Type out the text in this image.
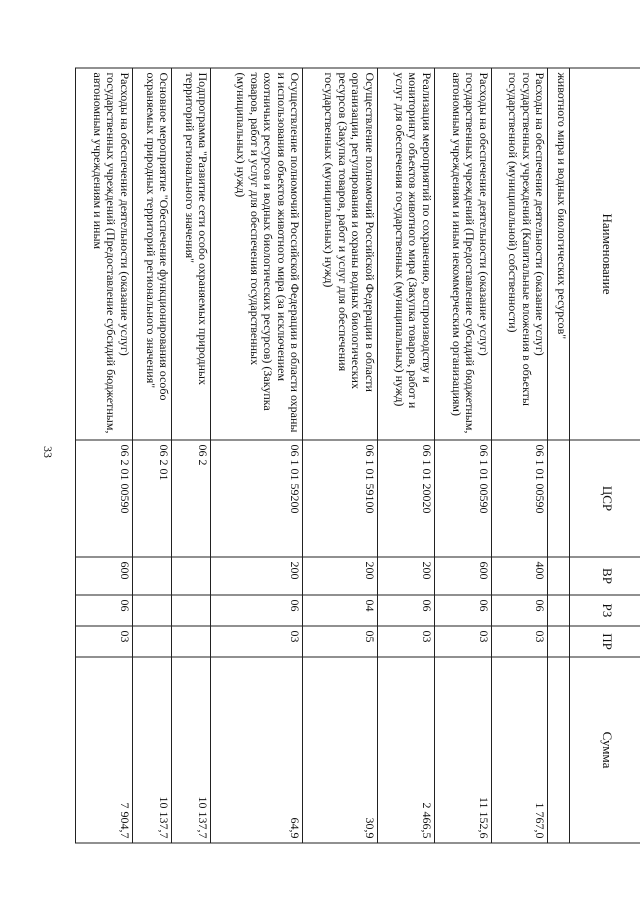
33
Наименование	ЦСР	ВР	РЗ	ПР	Сумма
животного мира и водных биологических ресурсов"					
Расходы на обеспечение деятельности (оказание услуг) государственных учреждений (Капитальные вложения в объекты государственной (муниципальной) собственности)	06 1 01 00590	400	06	03	1 767,0
Расходы на обеспечение деятельности (оказание услуг) государственных учреждений (Предоставление субсидий бюджетным, автономным учреждениям и иным некоммерческим организациям)	06 1 01 00590	600	06	03	11 152,6
Реализация мероприятий по сохранению, воспроизводству и мониторингу объектов животного мира (Закупка товаров, работ и услуг для обеспечения государственных (муниципальных) нужд)	06 1 01 20020	200	06	03	2 466,5
Осуществление полномочий Российской Федерации в области организации, регулирования и охраны водных биологических ресурсов (Закупка товаров, работ и услуг для обеспечения государственных (муниципальных) нужд)	06 1 01 59100	200	04	05	30,9
Осуществление полномочий Российской Федерации в области охраны и использования объектов животного мира (за исключением охотничьих ресурсов и водных биологических ресурсов) (Закупка товаров, работ и услуг для обеспечения государственных (муниципальных) нужд)	06 1 01 59200	200	06	03	64,9
Подпрограмма "Развитие сети особо охраняемых природных территорий регионального значения"	06 2				10 137,7
Основное мероприятие "Обеспечение функционирования особо охраняемых природных территорий регионального значения"	06 2 01				10 137,7
Расходы на обеспечение деятельности (оказание услуг) государственных учреждений (Предоставление субсидий бюджетным, автономным учреждениям и иным	06 2 01 00590	600	06	03	7 904,7
